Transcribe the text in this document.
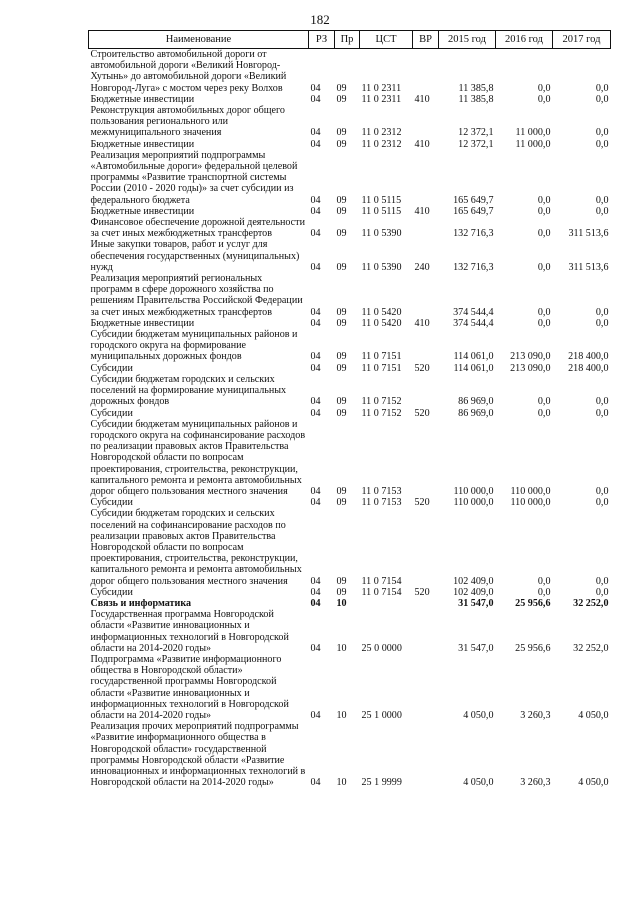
182
Наименование	РЗ	Пр	ЦСТ	ВР	2015 год	2016 год	2017 год
Строительство автомобильной дороги от автомобильной дороги «Великий Новгород-Хутынь» до автомобильной дороги «Великий Новгород-Луга» с мостом через реку Волхов	04	09	11 0 2311		11 385,8	0,0	0,0
Бюджетные инвестиции	04	09	11 0 2311	410	11 385,8	0,0	0,0
Реконструкция автомобильных дорог общего пользования регионального или межмуниципального значения	04	09	11 0 2312		12 372,1	11 000,0	0,0
Бюджетные инвестиции	04	09	11 0 2312	410	12 372,1	11 000,0	0,0
Реализация мероприятий подпрограммы «Автомобильные дороги» федеральной целевой программы «Развитие транспортной системы России (2010 - 2020 годы)» за счет субсидии из федерального бюджета	04	09	11 0 5115		165 649,7	0,0	0,0
Бюджетные инвестиции	04	09	11 0 5115	410	165 649,7	0,0	0,0
Финансовое обеспечение дорожной деятельности за счет иных межбюджетных трансфертов	04	09	11 0 5390		132 716,3	0,0	311 513,6
Иные закупки товаров, работ и услуг для обеспечения государственных (муниципальных) нужд	04	09	11 0 5390	240	132 716,3	0,0	311 513,6
Реализация мероприятий региональных программ в сфере дорожного хозяйства по решениям Правительства Российской Федерации за счет иных межбюджетных трансфертов	04	09	11 0 5420		374 544,4	0,0	0,0
Бюджетные инвестиции	04	09	11 0 5420	410	374 544,4	0,0	0,0
Субсидии бюджетам муниципальных районов и городского округа на формирование муниципальных дорожных фондов	04	09	11 0 7151		114 061,0	213 090,0	218 400,0
Субсидии	04	09	11 0 7151	520	114 061,0	213 090,0	218 400,0
Субсидии бюджетам городских и сельских поселений на формирование муниципальных дорожных фондов	04	09	11 0 7152		86 969,0	0,0	0,0
Субсидии	04	09	11 0 7152	520	86 969,0	0,0	0,0
Субсидии бюджетам муниципальных районов и городского округа на софинансирование расходов по реализации правовых актов Правительства Новгородской области по вопросам проектирования, строительства, реконструкции, капитального ремонта и ремонта автомобильных дорог общего пользования местного значения	04	09	11 0 7153		110 000,0	110 000,0	0,0
Субсидии	04	09	11 0 7153	520	110 000,0	110 000,0	0,0
Субсидии бюджетам городских и сельских поселений на софинансирование расходов по реализации правовых актов Правительства Новгородской области по вопросам проектирования, строительства, реконструкции, капитального ремонта и ремонта автомобильных дорог общего пользования местного значения	04	09	11 0 7154		102 409,0	0,0	0,0
Субсидии	04	09	11 0 7154	520	102 409,0	0,0	0,0
Связь и информатика	04	10			31 547,0	25 956,6	32 252,0
Государственная программа Новгородской области «Развитие инновационных и информационных технологий в Новгородской области на 2014-2020 годы»	04	10	25 0 0000		31 547,0	25 956,6	32 252,0
Подпрограмма «Развитие информационного общества в Новгородской области» государственной программы Новгородской области «Развитие инновационных и информационных технологий в Новгородской области на 2014-2020 годы»	04	10	25 1 0000		4 050,0	3 260,3	4 050,0
Реализация прочих мероприятий подпрограммы «Развитие информационного общества в Новгородской области» государственной программы Новгородской области «Развитие инновационных и информационных технологий в Новгородской области на 2014-2020 годы»	04	10	25 1 9999		4 050,0	3 260,3	4 050,0
